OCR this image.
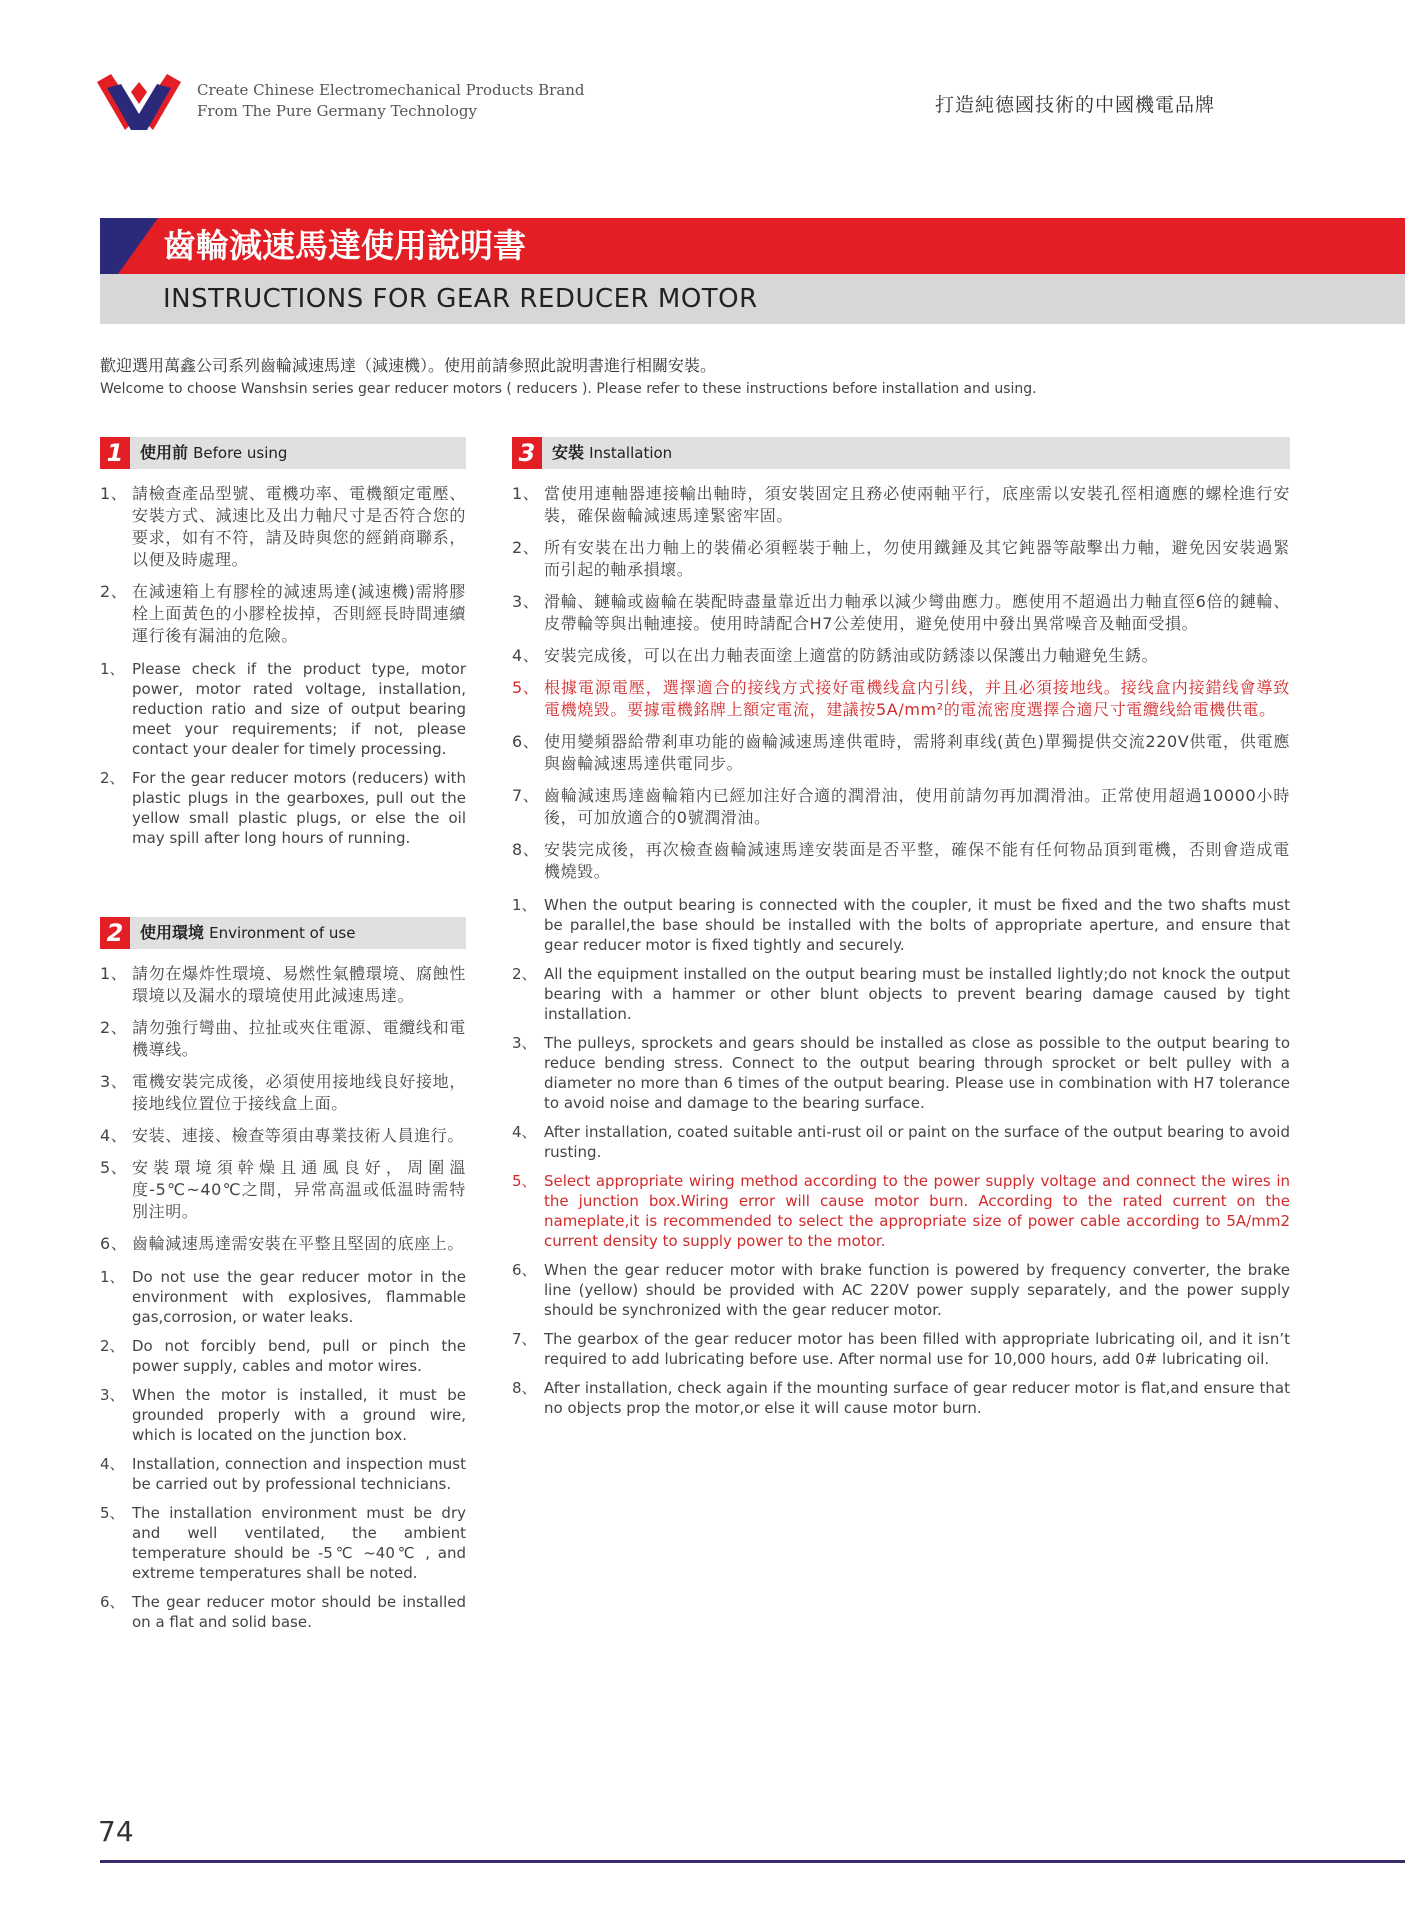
Create Chinese Electromechanical Products Brand
From The Pure Germany Technology	打造純德國技術的中國機電品牌
齒輪減速馬達使用說明書
INSTRUCTIONS FOR GEAR REDUCER MOTOR
歡迎選用萬鑫公司系列齒輪減速馬達（減速機）。使用前請參照此說明書進行相關安裝。
Welcome to choose Wanshsin series gear reducer motors ( reducers ). Please refer to these instructions before installation and using.
1	使用前 Before using
1、 請檢查產品型號、電機功率、電機額定電壓、安裝方式、減速比及出力軸尺寸是否符合您的要求，如有不符，請及時與您的經銷商聯系，以便及時處理。
2、 在減速箱上有膠栓的減速馬達(減速機)需將膠栓上面黃色的小膠栓拔掉，否則經長時間連續運行後有漏油的危險。
1、 Please check if the product type, motor power, motor rated voltage, installation, reduction ratio and size of output bearing meet your requirements; if not, please contact your dealer for timely processing.
2、 For the gear reducer motors (reducers) with plastic plugs in the gearboxes, pull out the yellow small plastic plugs, or else the oil may spill after long hours of running.
2	使用環境 Environment of use
1、 請勿在爆炸性環境、易燃性氣體環境、腐蝕性環境以及漏水的環境使用此減速馬達。
2、 請勿強行彎曲、拉扯或夾住電源、電纜线和電機導线。
3、 電機安裝完成後，必須使用接地线良好接地，接地线位置位于接线盒上面。
4、 安装、連接、檢查等須由專業技術人員進行。
5、 安裝環境須幹燥且通風良好，周圍溫度-5℃~40℃之間，异常高温或低温時需特別注明。
6、 齒輪減速馬達需安裝在平整且堅固的底座上。
1、 Do not use the gear reducer motor in the environment with explosives, flammable gas,corrosion, or water leaks.
2、 Do not forcibly bend, pull or pinch the power supply, cables and motor wires.
3、 When the motor is installed, it must be grounded properly with a ground wire, which is located on the junction box.
4、 Installation, connection and inspection must be carried out by professional technicians.
5、 The installation environment must be dry and well ventilated, the ambient temperature should be -5℃ ~40℃ , and extreme temperatures shall be noted.
6、 The gear reducer motor should be installed on a flat and solid base.
3	安裝 Installation
1、 當使用連軸器連接輸出軸時，須安裝固定且務必使兩軸平行，底座需以安裝孔徑相適應的螺栓進行安裝，確保齒輪減速馬達緊密牢固。
2、 所有安裝在出力軸上的裝備必須輕裝于軸上，勿使用鐵錘及其它鈍器等敲擊出力軸，避免因安裝過緊而引起的軸承損壞。
3、 滑輪、鏈輪或齒輪在裝配時盡量靠近出力軸承以減少彎曲應力。應使用不超過出力軸直徑6倍的鏈輪、皮帶輪等與出軸連接。使用時請配合H7公差使用，避免使用中發出異常噪音及軸面受損。
4、 安裝完成後，可以在出力軸表面塗上適當的防銹油或防銹漆以保護出力軸避免生銹。
5、 根據電源電壓，選擇適合的接线方式接好電機线盒内引线，并且必須接地线。接线盒内接錯线會導致電機燒毀。要據電機銘牌上額定電流，建議按5A/mm²的電流密度選擇合適尺寸電纜线給電機供電。
6、 使用變頻器給帶剎車功能的齒輪減速馬達供電時，需將剎車线(黃色)單獨提供交流220V供電，供電應與齒輪減速馬達供電同步。
7、 齒輪減速馬達齒輪箱内已經加注好合適的潤滑油，使用前請勿再加潤滑油。正常使用超過10000小時後，可加放適合的0號潤滑油。
8、 安裝完成後，再次檢查齒輪減速馬達安裝面是否平整，確保不能有任何物品頂到電機，否則會造成電機燒毀。
1、 When the output bearing is connected with the coupler, it must be fixed and the two shafts must be parallel,the base should be installed with the bolts of appropriate aperture, and ensure that gear reducer motor is fixed tightly and securely.
2、 All the equipment installed on the output bearing must be installed lightly;do not knock the output bearing with a hammer or other blunt objects to prevent bearing damage caused by tight installation.
3、 The pulleys, sprockets and gears should be installed as close as possible to the output bearing to reduce bending stress. Connect to the output bearing through sprocket or belt pulley with a diameter no more than 6 times of the output bearing. Please use in combination with H7 tolerance to avoid noise and damage to the bearing surface.
4、 After installation, coated suitable anti-rust oil or paint on the surface of the output bearing to avoid rusting.
5、 Select appropriate wiring method according to the power supply voltage and connect the wires in the junction box.Wiring error will cause motor burn. According to the rated current on the nameplate,it is recommended to select the appropriate size of power cable according to 5A/mm2 current density to supply power to the motor.
6、 When the gear reducer motor with brake function is powered by frequency converter, the brake line (yellow) should be provided with AC 220V power supply separately, and the power supply should be synchronized with the gear reducer motor.
7、 The gearbox of the gear reducer motor has been filled with appropriate lubricating oil, and it isn’t required to add lubricating before use. After normal use for 10,000 hours, add 0# lubricating oil.
8、 After installation, check again if the mounting surface of gear reducer motor is flat,and ensure that no objects prop the motor,or else it will cause motor burn.
74
